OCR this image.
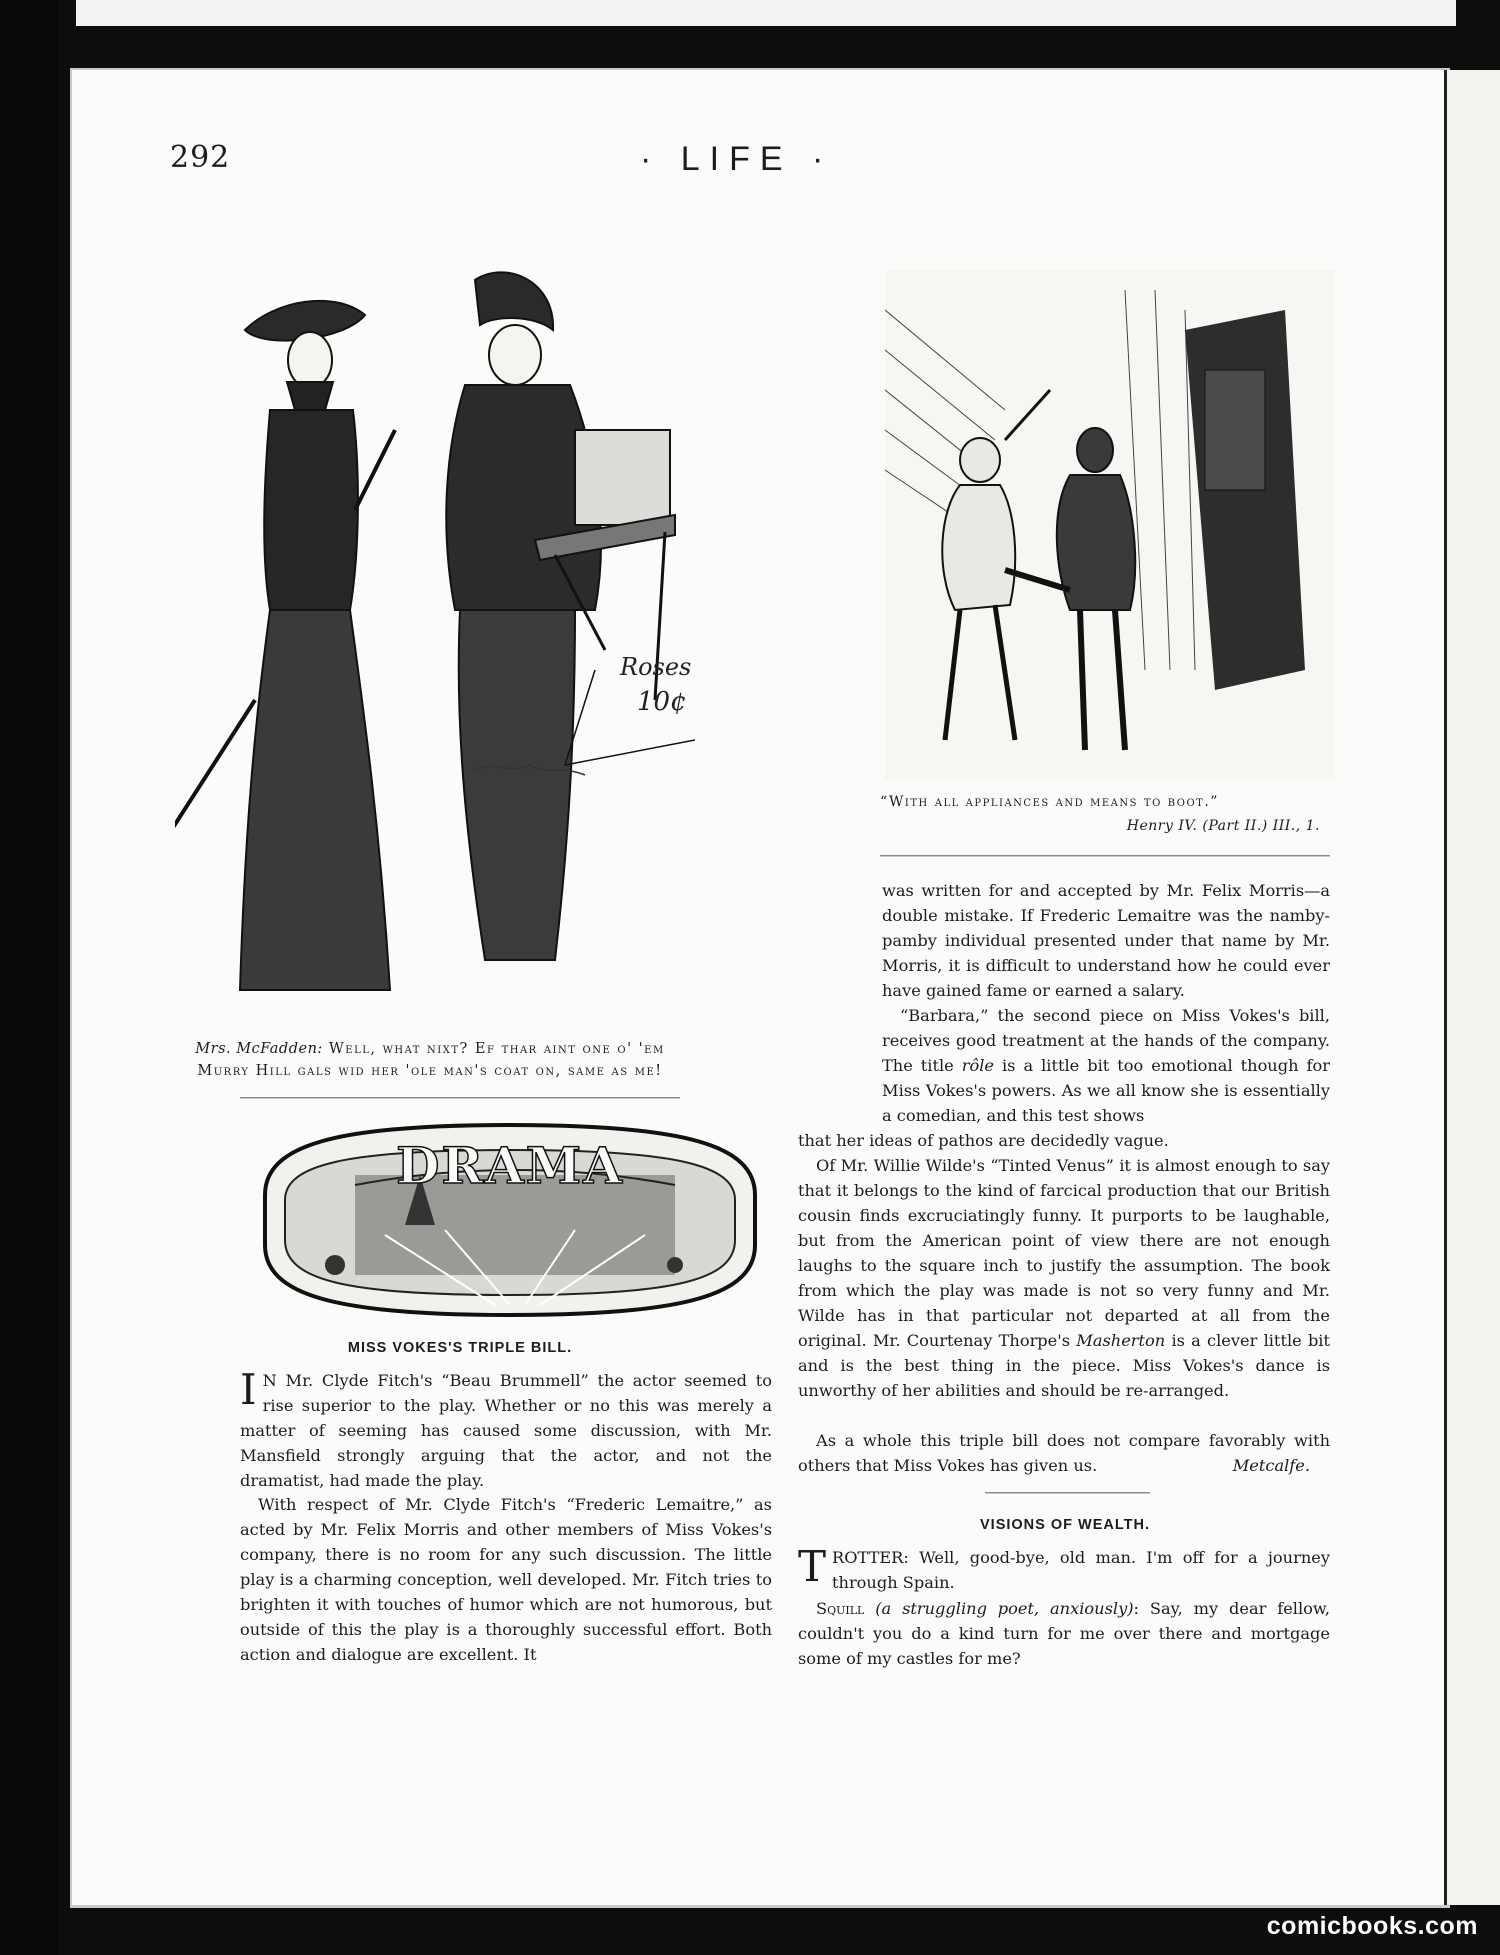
292	· LIFE ·
Roses
10¢
Mrs. McFadden: Well, what nixt? Ef thar aint one o' 'em
Murry Hill gals wid her 'ole man's coat on, same as me!
“With all appliances and means to boot.”
Henry IV. (Part II.) III., 1.
DRAMA
MISS VOKES'S TRIPLE BILL.

I N Mr. Clyde Fitch's “Beau Brummell” the actor seemed to rise superior to the play. Whether or no this was merely a matter of seeming has caused some discussion, with Mr. Mansfield strongly arguing that the actor, and not the dramatist, had made the play.

With respect of Mr. Clyde Fitch's “Frederic Lemaitre,” as acted by Mr. Felix Morris and other members of Miss Vokes's company, there is no room for any such discussion. The little play is a charming conception, well developed. Mr. Fitch tries to brighten it with touches of humor which are not humorous, but outside of this the play is a thoroughly successful effort. Both action and dialogue are excellent. It

was written for and accepted by Mr. Felix Morris—a double mistake. If Frederic Lemaitre was the namby-pamby individual presented under that name by Mr. Morris, it is difficult to understand how he could ever have gained fame or earned a salary.

“Barbara,” the second piece on Miss Vokes's bill, receives good treatment at the hands of the company. The title rôle is a little bit too emotional though for Miss Vokes's powers. As we all know she is essentially a comedian, and this test shows

that her ideas of pathos are decidedly vague.

Of Mr. Willie Wilde's “Tinted Venus” it is almost enough to say that it belongs to the kind of farcical production that our British cousin finds excruciatingly funny. It purports to be laughable, but from the American point of view there are not enough laughs to the square inch to justify the assumption. The book from which the play was made is not so very funny and Mr. Wilde has in that particular not departed at all from the original. Mr. Courtenay Thorpe's Masherton is a clever little bit and is the best thing in the piece. Miss Vokes's dance is unworthy of her abilities and should be re-arranged.

As a whole this triple bill does not compare favorably with others that Miss Vokes has given us.	Metcalfe.

VISIONS OF WEALTH.

TROTTER: Well, good-bye, old man. I'm off for a journey through Spain.

Squill (a struggling poet, anxiously): Say, my dear fellow, couldn't you do a kind turn for me over there and mortgage some of my castles for me?

comicbooks.com
